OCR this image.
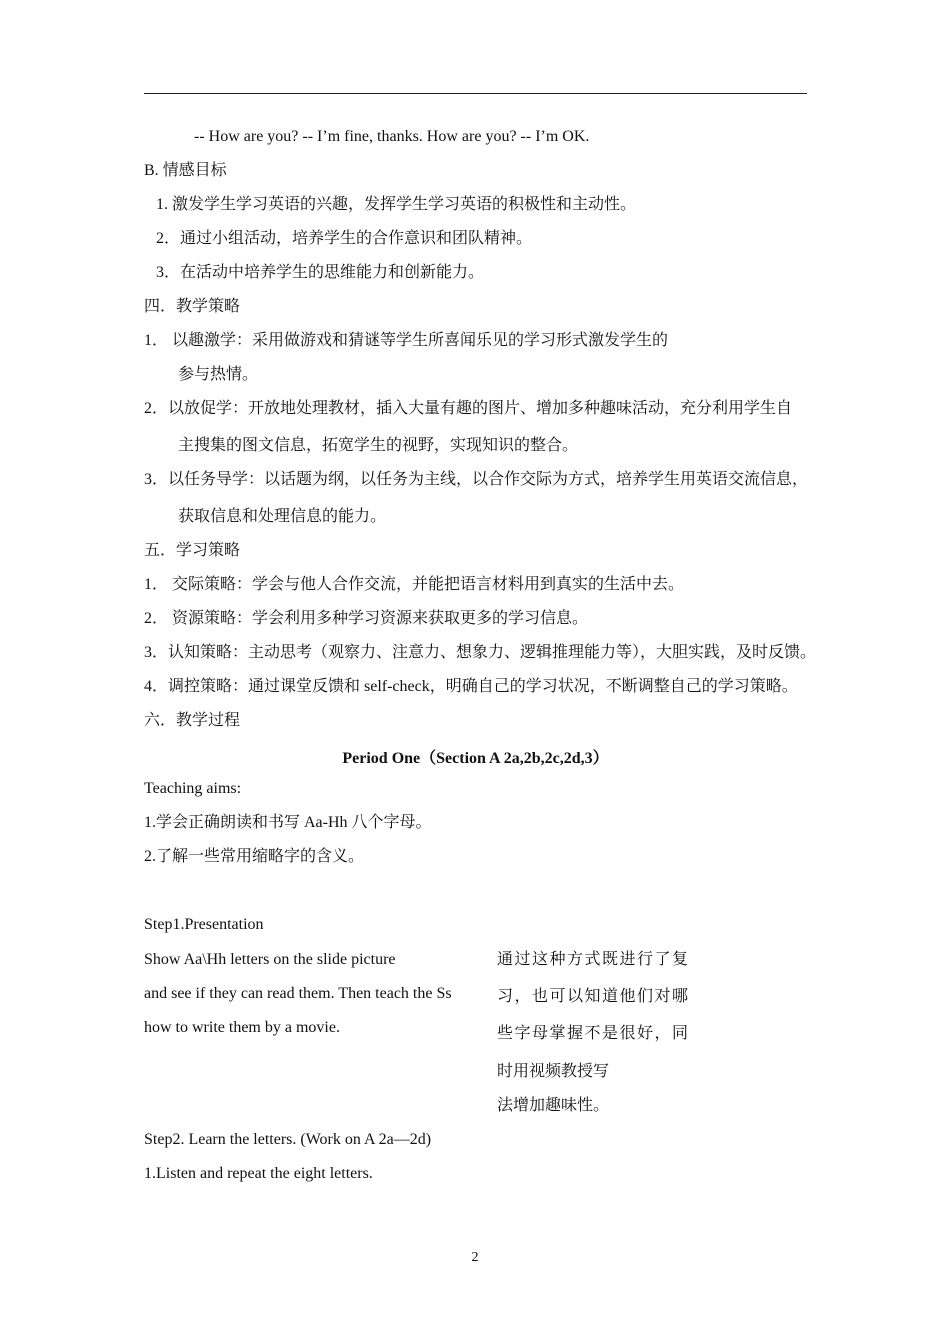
-- How are you? -- I’m fine, thanks. How are you? -- I’m OK.
B. 情感目标
1. 激发学生学习英语的兴趣，发挥学生学习英语的积极性和主动性。
2．通过小组活动，培养学生的合作意识和团队精神。
3．在活动中培养学生的思维能力和创新能力。
四．教学策略
1． 以趣激学：采用做游戏和猜谜等学生所喜闻乐见的学习形式激发学生的
参与热情。
2．以放促学：开放地处理教材，插入大量有趣的图片、增加多种趣味活动，充分利用学生自
主搜集的图文信息，拓宽学生的视野，实现知识的整合。
3．以任务导学：以话题为纲，以任务为主线，以合作交际为方式，培养学生用英语交流信息，
获取信息和处理信息的能力。
五．学习策略
1． 交际策略：学会与他人合作交流，并能把语言材料用到真实的生活中去。
2． 资源策略：学会利用多种学习资源来获取更多的学习信息。
3．认知策略：主动思考（观察力、注意力、想象力、逻辑推理能力等），大胆实践，及时反馈。
4．调控策略：通过课堂反馈和 self-check，明确自己的学习状况，不断调整自己的学习策略。
六．教学过程
Period One（Section A 2a,2b,2c,2d,3）
Teaching aims:
1.学会正确朗读和书写 Aa-Hh 八个字母。
2.了解一些常用缩略字的含义。
Step1.Presentation
Show Aa\Hh letters on the slide picture
and see if they can read them. Then teach the Ss
how to write them by a movie.
通过这种方式既进行了复
习，也可以知道他们对哪
些字母掌握不是很好，同
时用视频教授写
法增加趣味性。
Step2. Learn the letters. (Work on A 2a—2d)
1.Listen and repeat the eight letters.
2
